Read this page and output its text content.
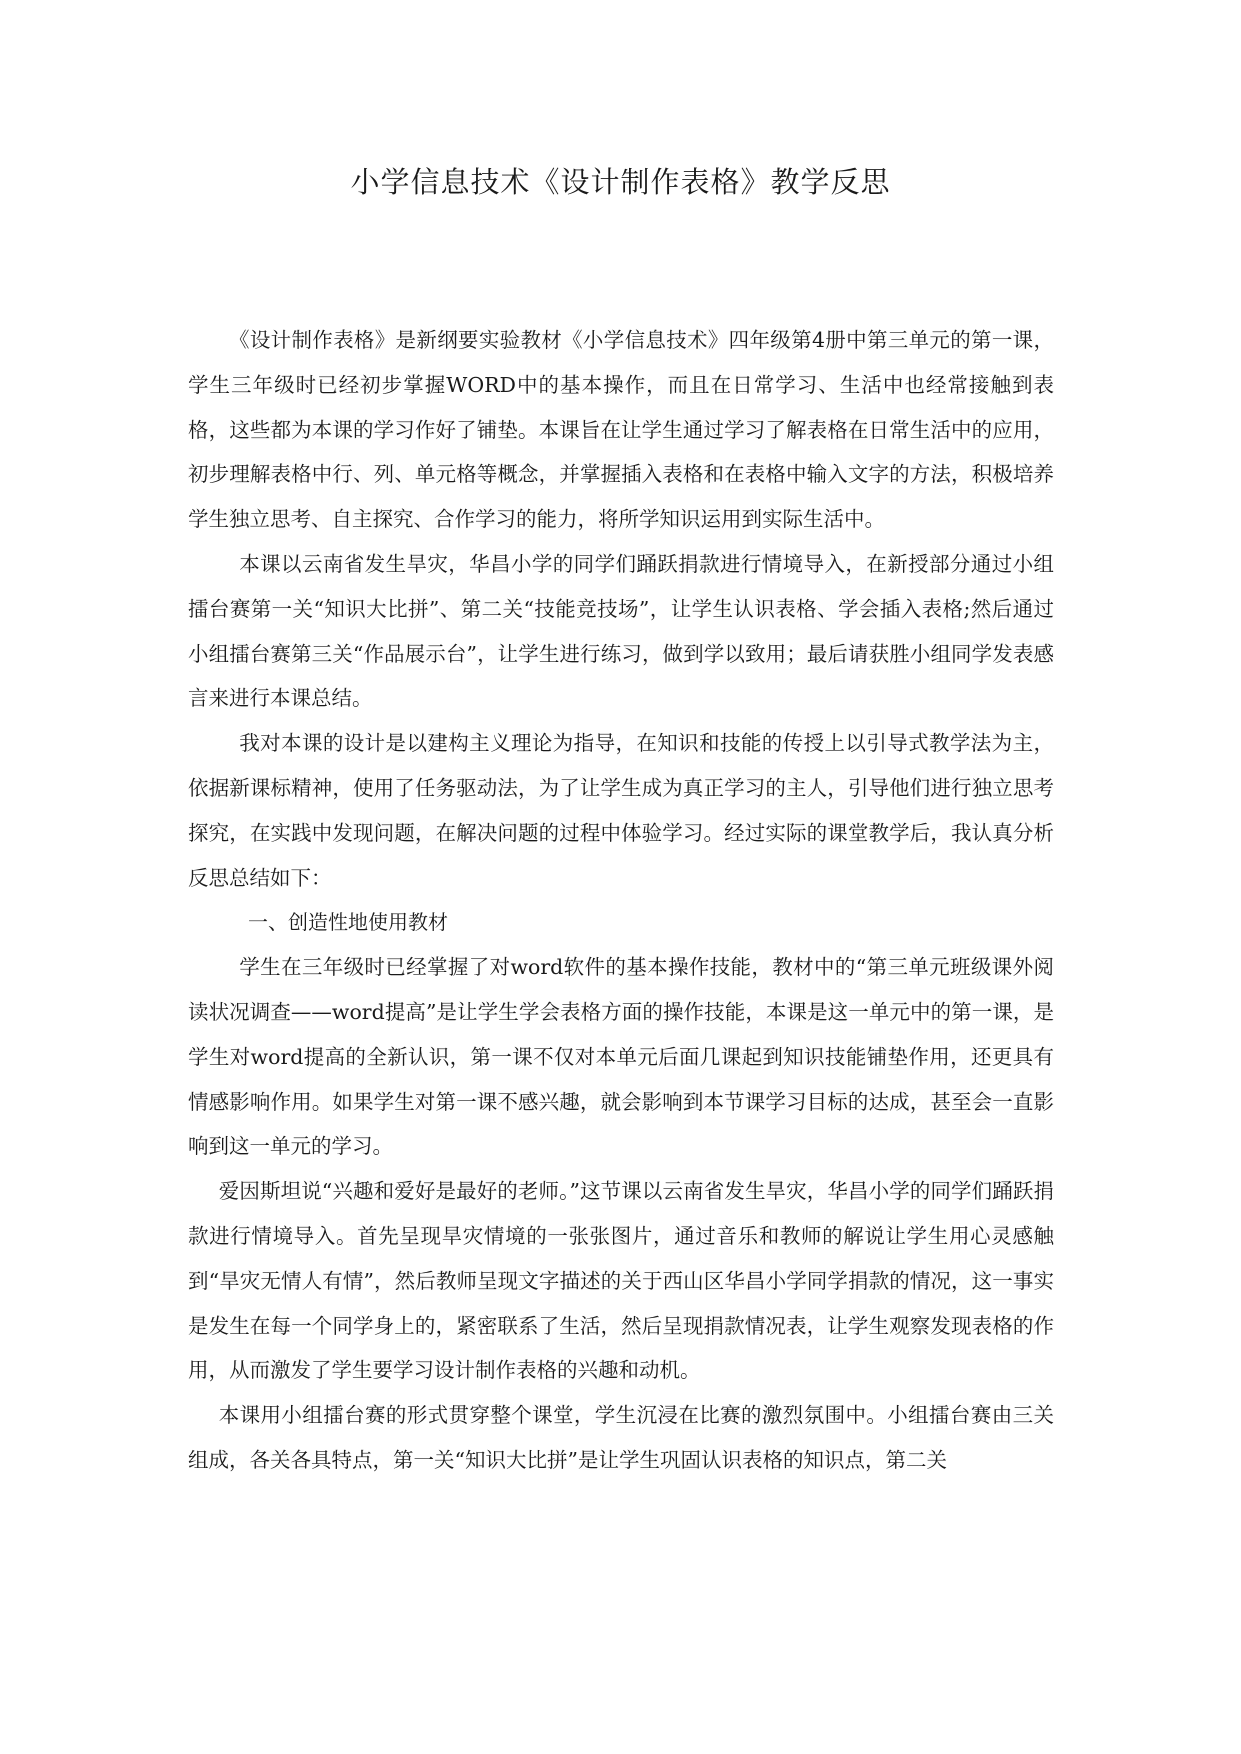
小学信息技术《设计制作表格》教学反思

《设计制作表格》是新纲要实验教材《小学信息技术》四年级第4册中第三单元的第一课，学生三年级时已经初步掌握WORD中的基本操作，而且在日常学习、生活中也经常接触到表格，这些都为本课的学习作好了铺垫。本课旨在让学生通过学习了解表格在日常生活中的应用，初步理解表格中行、列、单元格等概念，并掌握插入表格和在表格中输入文字的方法，积极培养学生独立思考、自主探究、合作学习的能力，将所学知识运用到实际生活中。

本课以云南省发生旱灾，华昌小学的同学们踊跃捐款进行情境导入，在新授部分通过小组擂台赛第一关“知识大比拼”、第二关“技能竞技场”，让学生认识表格、学会插入表格;然后通过小组擂台赛第三关“作品展示台”，让学生进行练习，做到学以致用；最后请获胜小组同学发表感言来进行本课总结。

我对本课的设计是以建构主义理论为指导，在知识和技能的传授上以引导式教学法为主，依据新课标精神，使用了任务驱动法，为了让学生成为真正学习的主人，引导他们进行独立思考探究，在实践中发现问题，在解决问题的过程中体验学习。经过实际的课堂教学后，我认真分析反思总结如下：

一、创造性地使用教材

学生在三年级时已经掌握了对word软件的基本操作技能，教材中的“第三单元班级课外阅读状况调查——word提高”是让学生学会表格方面的操作技能，本课是这一单元中的第一课，是学生对word提高的全新认识，第一课不仅对本单元后面几课起到知识技能铺垫作用，还更具有情感影响作用。如果学生对第一课不感兴趣，就会影响到本节课学习目标的达成，甚至会一直影响到这一单元的学习。

爱因斯坦说“兴趣和爱好是最好的老师。”这节课以云南省发生旱灾，华昌小学的同学们踊跃捐款进行情境导入。首先呈现旱灾情境的一张张图片，通过音乐和教师的解说让学生用心灵感触到“旱灾无情人有情”，然后教师呈现文字描述的关于西山区华昌小学同学捐款的情况，这一事实是发生在每一个同学身上的，紧密联系了生活，然后呈现捐款情况表，让学生观察发现表格的作用，从而激发了学生要学习设计制作表格的兴趣和动机。

本课用小组擂台赛的形式贯穿整个课堂，学生沉浸在比赛的激烈氛围中。小组擂台赛由三关组成，各关各具特点，第一关“知识大比拼”是让学生巩固认识表格的知识点，第二关
